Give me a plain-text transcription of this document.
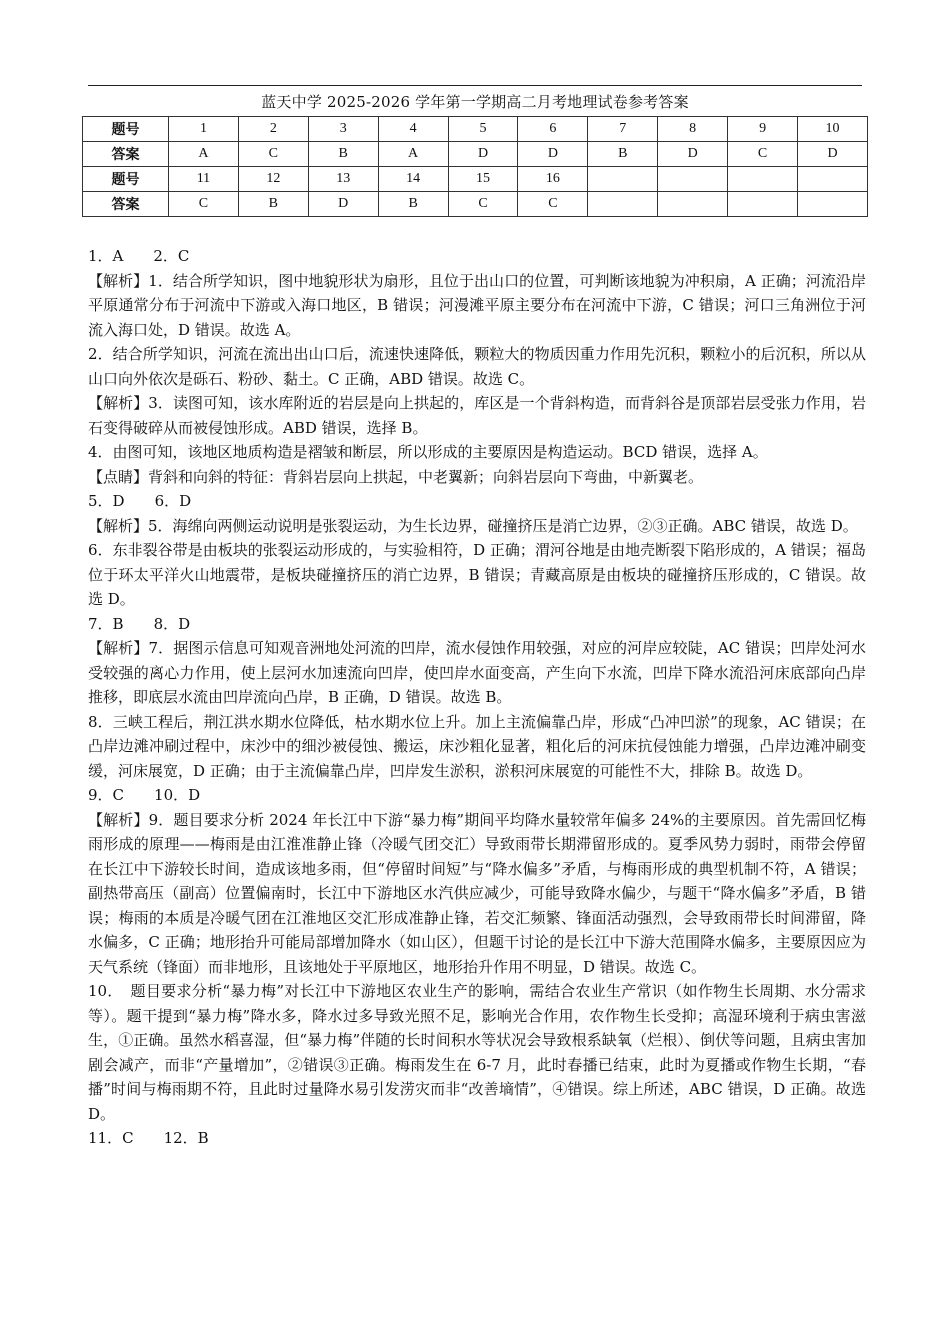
蓝天中学 2025-2026 学年第一学期高二月考地理试卷参考答案
题号	1	2	3	4	5	6	7	8	9	10
答案	A	C	B	A	D	D	B	D	C	D
题号	11	12	13	14	15	16				
答案	C	B	D	B	C	C				

1．A　　2．C

【解析】1．结合所学知识，图中地貌形状为扇形，且位于出山口的位置，可判断该地貌为冲积扇，A 正确；河流沿岸平原通常分布于河流中下游或入海口地区，B 错误；河漫滩平原主要分布在河流中下游，C 错误；河口三角洲位于河流入海口处，D 错误。故选 A。

2．结合所学知识，河流在流出出山口后，流速快速降低，颗粒大的物质因重力作用先沉积，颗粒小的后沉积，所以从山口向外依次是砾石、粉砂、黏土。C 正确，ABD 错误。故选 C。

【解析】3．读图可知，该水库附近的岩层是向上拱起的，库区是一个背斜构造，而背斜谷是顶部岩层受张力作用，岩石变得破碎从而被侵蚀形成。ABD 错误，选择 B。

4．由图可知，该地区地质构造是褶皱和断层，所以形成的主要原因是构造运动。BCD 错误，选择 A。

【点睛】背斜和向斜的特征：背斜岩层向上拱起，中老翼新；向斜岩层向下弯曲，中新翼老。

5．D　　6．D

【解析】5．海绵向两侧运动说明是张裂运动，为生长边界，碰撞挤压是消亡边界，②③正确。ABC 错误，故选 D。

6．东非裂谷带是由板块的张裂运动形成的，与实验相符，D 正确；渭河谷地是由地壳断裂下陷形成的，A 错误；福岛位于环太平洋火山地震带，是板块碰撞挤压的消亡边界，B 错误；青藏高原是由板块的碰撞挤压形成的，C 错误。故选 D。

7．B　　8．D

【解析】7．据图示信息可知观音洲地处河流的凹岸，流水侵蚀作用较强，对应的河岸应较陡，AC 错误；凹岸处河水受较强的离心力作用，使上层河水加速流向凹岸，使凹岸水面变高，产生向下水流，凹岸下降水流沿河床底部向凸岸推移，即底层水流由凹岸流向凸岸，B 正确，D 错误。故选 B。

8．三峡工程后，荆江洪水期水位降低，枯水期水位上升。加上主流偏靠凸岸，形成“凸冲凹淤”的现象，AC 错误；在凸岸边滩冲刷过程中，床沙中的细沙被侵蚀、搬运，床沙粗化显著，粗化后的河床抗侵蚀能力增强，凸岸边滩冲刷变缓，河床展宽，D 正确；由于主流偏靠凸岸，凹岸发生淤积，淤积河床展宽的可能性不大，排除 B。故选 D。

9．C　　10．D

【解析】9．题目要求分析 2024 年长江中下游“暴力梅”期间平均降水量较常年偏多 24%的主要原因。首先需回忆梅雨形成的原理——梅雨是由江淮准静止锋（冷暖气团交汇）导致雨带长期滞留形成的。夏季风势力弱时，雨带会停留在长江中下游较长时间，造成该地多雨，但“停留时间短”与“降水偏多”矛盾，与梅雨形成的典型机制不符，A 错误；副热带高压（副高）位置偏南时，长江中下游地区水汽供应减少，可能导致降水偏少，与题干“降水偏多”矛盾，B 错误；梅雨的本质是冷暖气团在江淮地区交汇形成准静止锋，若交汇频繁、锋面活动强烈，会导致雨带长时间滞留，降水偏多，C 正确；地形抬升可能局部增加降水（如山区），但题干讨论的是长江中下游大范围降水偏多，主要原因应为天气系统（锋面）而非地形，且该地处于平原地区，地形抬升作用不明显，D 错误。故选 C。

10．　题目要求分析“暴力梅”对长江中下游地区农业生产的影响，需结合农业生产常识（如作物生长周期、水分需求等）。题干提到“暴力梅”降水多，降水过多导致光照不足，影响光合作用，农作物生长受抑；高湿环境利于病虫害滋生，①正确。虽然水稻喜湿，但“暴力梅”伴随的长时间积水等状况会导致根系缺氧（烂根）、倒伏等问题，且病虫害加剧会减产，而非“产量增加”，②错误③正确。梅雨发生在 6-7 月，此时春播已结束，此时为夏播或作物生长期，“春播”时间与梅雨期不符，且此时过量降水易引发涝灾而非“改善墒情”，④错误。综上所述，ABC 错误，D 正确。故选 D。

11．C　　12．B
